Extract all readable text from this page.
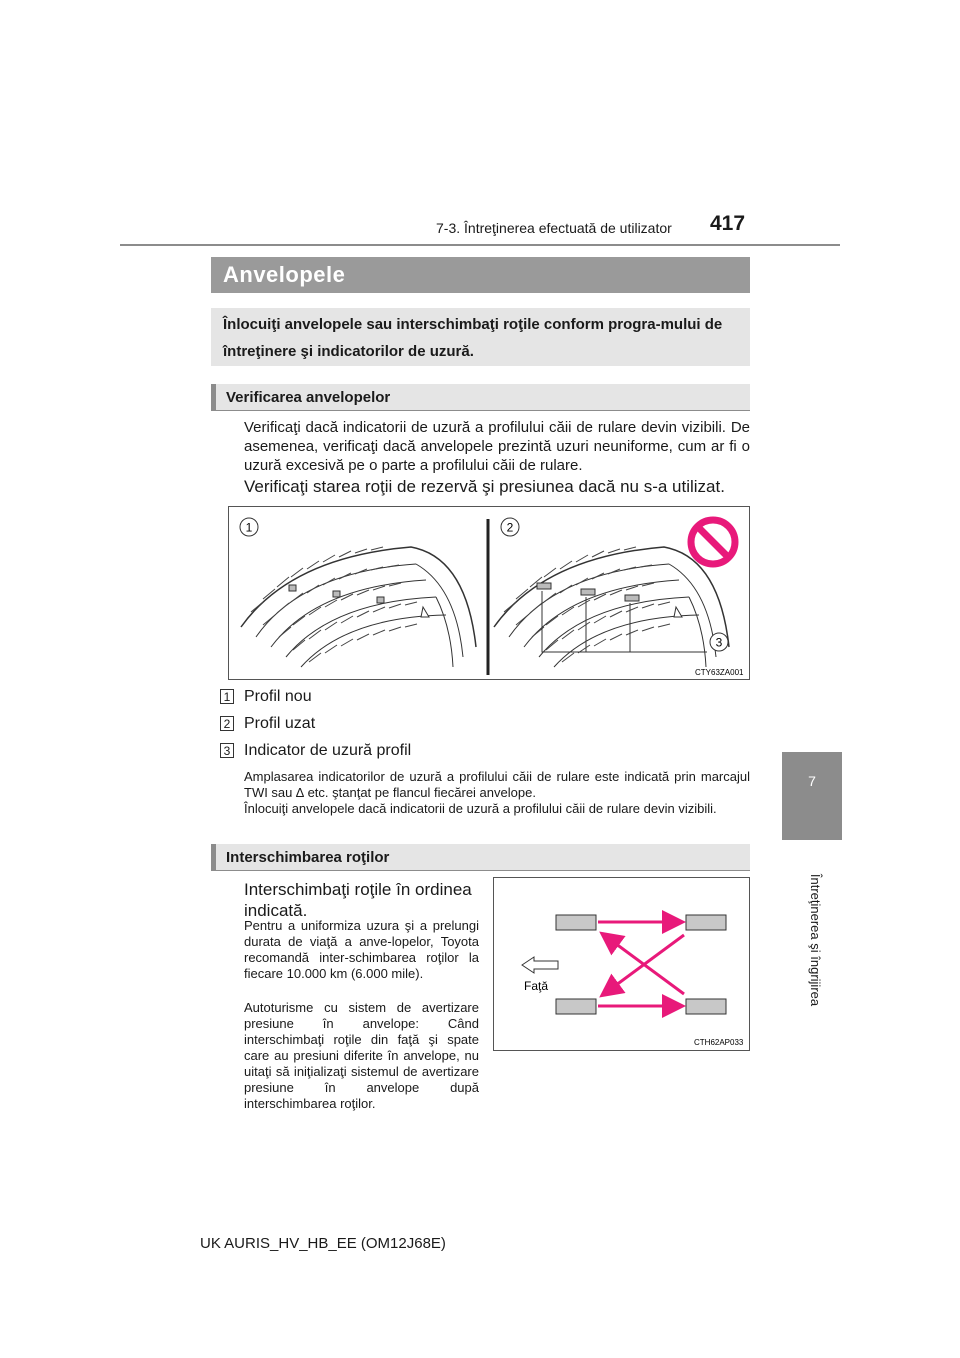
7-3. Întreţinerea efectuată de utilizator 417
7
Întreţinerea şi îngrijirea
Anvelopele
Înlocuiţi anvelopele sau interschimbaţi roţile conform progra-mului de întreţinere şi indicatorilor de uzură.
Verificarea anvelopelor
Verificaţi dacă indicatorii de uzură a profilului căii de rulare devin vizibili. De asemenea, verificaţi dacă anvelopele prezintă uzuri neuniforme, cum ar fi o uzură excesivă pe o parte a profilului căii de rulare.
Verificaţi starea roţii de rezervă şi presiunea dacă nu s-a utilizat.
1	2
3
CTY63ZA001
1 Profil nou
2 Profil uzat
3 Indicator de uzură profil
Amplasarea indicatorilor de uzură a profilului căii de rulare este indicată prin marcajul TWI sau ∆ etc. ştanţat pe flancul fiecărei anvelope.
Înlocuiţi anvelopele dacă indicatorii de uzură a profilului căii de rulare devin vizibili.
Interschimbarea roţilor
Interschimbaţi roţile în ordinea indicată.
Pentru a uniformiza uzura şi a prelungi durata de viaţă a anve-lopelor, Toyota recomandă inter-schimbarea roţilor la fiecare 10.000 km (6.000 mile).
Autoturisme cu sistem de avertizare presiune în anvelope: Când interschimbaţi roţile din faţă şi spate care au presiuni diferite în anvelope, nu uitaţi să iniţializaţi sistemul de avertizare presiune în anvelope după interschimbarea roţilor.
Faţă
CTH62AP033
UK AURIS_HV_HB_EE (OM12J68E)
